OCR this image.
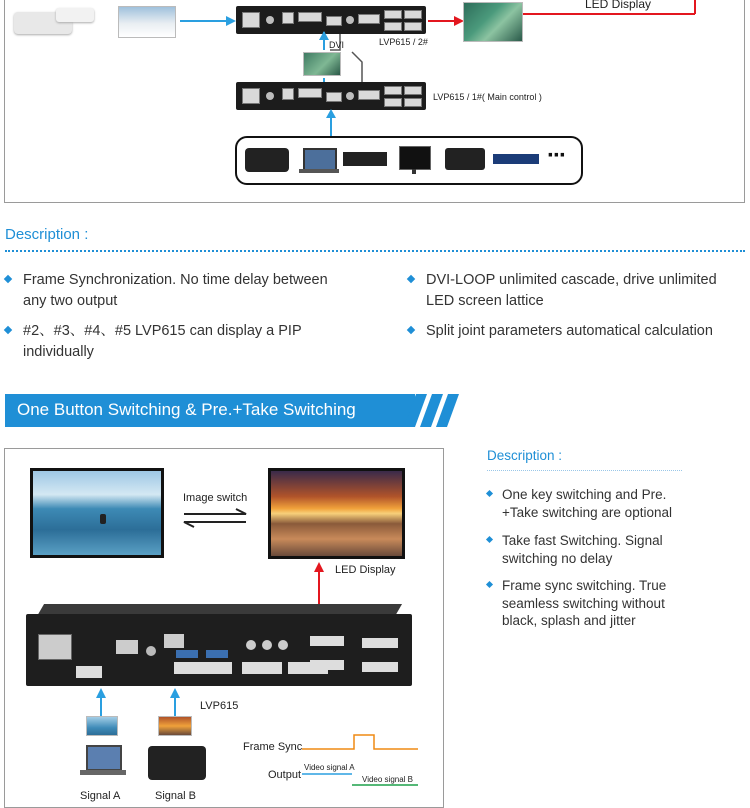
LVP615 / 2#
LED Display
DVI
LVP615 / 1#( Main control )
···
Description :
Frame Synchronization. No time delay between
any two output
DVI-LOOP unlimited cascade, drive unlimited
LED screen lattice
#2、#3、#4、#5 LVP615 can display a PIP
individually
Split joint parameters automatical calculation
One Button Switching & Pre.+Take Switching
Image switch
LED Display
LVP615
Signal A	Signal B
Frame Sync
Output
Video signal A
Video signal B
Description :
One key switching and Pre.
+Take switching are optional
Take fast Switching. Signal
switching no delay
Frame sync switching. True
seamless switching without
black, splash and jitter
